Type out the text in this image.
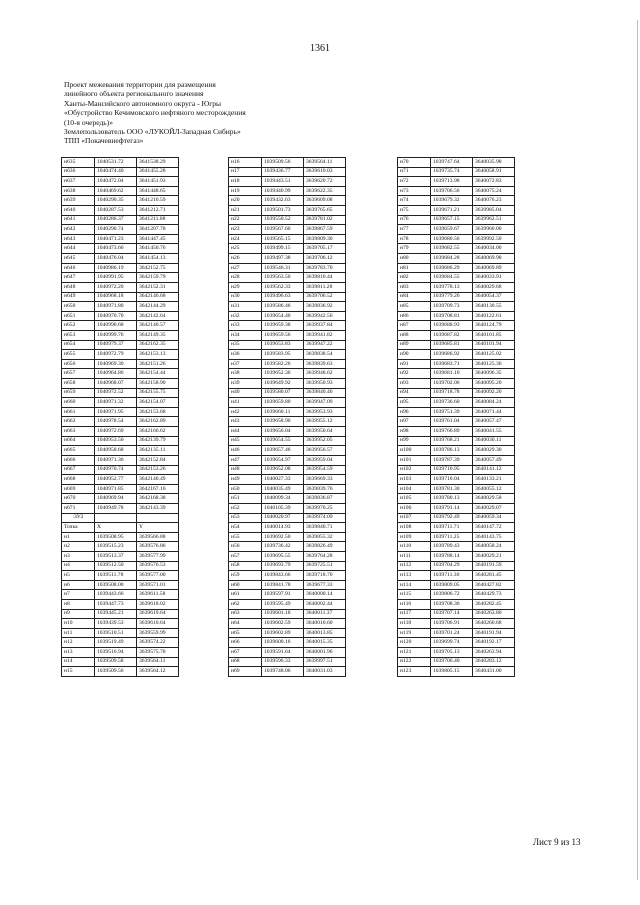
1361
Проект межевания территории для размещения
линейного объекта регионального значения
Ханты-Мансийского автономного округа - Югры
«Обустройство Кечимовского нефтяного месторождения
(10-я очередь)»
Землепользователь ООО «ЛУКОЙЛ-Западная Сибирь»
ТПП «Покачевнефтегаз»
н635	1040531.72	3641538.29
н636	1040474.40	3641455.28
н637	1040472.04	3641451.93
н638	1040469.62	3641448.65
н639	1040290.35	3641210.59
н640	1040287.53	3641212.71
н641	1040286.37	3641211.08
н642	1040290.74	3641207.78
н643	1040471.23	3641447.45
н644	1040473.66	3641450.76
н645	1040476.04	3641454.13
н646	1040986.19	3642152.75
н647	1040991.95	3642159.79
н648	1040972.20	3642152.31
н649	1040968.18	3642146.68
н650	1040971.80	3642144.29
н651	1040970.70	3642142.64
н652	1040990.68	3642140.57
н653	1040999.76	3642149.35
н654	1040979.37	3642162.35
н655	1040972.79	3642153.13
н656	1040969.30	3642151.26
н657	1040964.86	3642154.44
н658	1040968.07	3642158.90
н659	1040972.52	3642155.75
н660	1040971.32	3642154.07
н661	1040971.95	3642153.68
н662	1040978.54	3642162.89
н663	1040972.69	3642166.62
н664	1040953.50	3642139.79
н665	1040958.68	3642135.11
н666	1040971.36	3642152.84
н667	1040970.74	3642153.26
н668	1040952.77	3642140.49
н669	1040971.85	3642167.16
н670	1040969.94	3642168.38
н671	1040949.78	3642143.39
:ЗУ2		
Точка	X	Y
н1	1039508.95	3639566.88
н2	1039515.23	3639576.86
н3	1039513.37	3639577.99
н4	1039512.50	3639576.53
н5	1039511.78	3639577.00
н6	1039508.00	3639571.01
н7	1039443.66	3639611.58
н8	1039447.73	3639618.02
н9	1039445.21	3639619.64
н10	1039439.53	3639610.64
н11	1039510.51	3639559.99
н12	1039519.49	3639574.22
н13	1039516.94	3639575.78
н14	1039509.58	3639564.11
н15	1039509.56	3639564.12
н16	1039509.56	3639564.11
н17	1039436.77	3639610.03
н18	1039443.51	3639620.72
н19	1039440.99	3639622.35
н20	1039432.63	3639609.08
н21	1039501.73	3639765.65
н22	1039550.52	3639781.02
н23	1039567.60	3639867.59
н24	1039565.15	3639809.30
н25	1039499.15	3639705.17
н26	1039497.38	3639706.12
н27	1039546.31	3639783.70
н28	1039563.50	3639810.44
н29	1039562.33	3639811.28
н30	1039496.63	3639706.52
н31	1039586.46	3639836.92
н32	1039654.40	3639942.56
н33	1039659.38	3639937.84
н34	1039659.56	3639941.82
н35	1039653.83	3639947.22
н36	1039583.95	3639838.54
н37	1039582.26	3639839.63
н38	1039652.36	3639948.62
н39	1039649.92	3639950.93
н40	1039580.07	3639840.46
н41	1039659.80	3639947.09
н42	1039660.11	3639953.93
н43	1039658.90	3639955.12
н44	1039656.04	3639950.64
н45	1039654.55	3639952.05
н46	1039657.46	3639956.57
н47	1039654.97	3639959.04
н48	1039652.08	3639954.59
н49	1040027.33	3639669.33
н50	1040035.49	3639839.76
н51	1040099.34	3639836.87
н52	1040105.39	3639970.25
н53	1040020.97	3639974.09
н54	1040014.93	3639840.71
н55	1039692.50	3639855.32
н56	1039736.42	3639826.49
н57	1039695.55	3639764.28
н58	1039693.79	3639725.51
н59	1039843.66	3639718.70
н60	1039841.78	3639677.33
н61	1039597.91	3640000.14
н62	1039595.49	3640002.44
н63	1039601.18	3640011.37
н64	1039602.59	3640010.60
н65	1039602.89	3640013.85
н66	1039600.16	3640015.35
н67	1039591.64	3640001.96
н68	1039596.33	3639997.51
н69	1039748.06	3640031.03
н70	1039747.64	3640035.98
н71	1039735.74	3640058.91
н72	1039713.98	3640072.83
н73	1039706.56	3640075.24
н74	1039679.32	3640076.23
н75	1039671.21	3639985.04
н76	1039657.15	3639962.51
н77	1039659.67	3639960.00
н78	1039680.56	3639992.50
н79	1039682.55	3640034.00
н80	1039684.28	3640069.98
н81	1039686.29	3640069.89
н82	1039684.55	3640033.91
н83	1039778.13	3640029.68
н84	1039779.26	3640054.37
н85	1039709.73	3640130.55
н86	1039708.81	3640122.61
н87	1039688.93	3640124.79
н88	1039687.82	3640101.85
н89	1039685.81	3640101.94
н90	1039686.92	3640125.02
н91	1039683.71	3640125.36
н92	1039681.10	3640096.35
н93	1039702.06	3640095.20
н94	1039718.78	3640092.20
н95	1039736.60	3640084.24
н96	1039751.39	3640071.44
н97	1039761.04	3640057.47
н98	1039766.89	3640041.55
н99	1039768.21	3640030.11
н100	1039786.13	3640029.30
н101	1039787.39	3640057.49
н102	1039710.95	3640141.12
н103	1039710.04	3640133.21
н104	1039781.30	3640055.12
н105	1039780.13	3640029.58
н106	1039791.14	3640029.07
н107	1039792.49	3640059.34
н108	1039711.71	3640147.72
н109	1039711.25	3640143.75
н110	1039789.43	3640058.24
н111	1039788.14	3640029.21
н112	1039704.29	3640191.59
н113	1039711.30	3640281.45
н114	1039809.05	3640427.82
н115	1039806.72	3640429.73
н116	1039708.36	3640282.45
н117	1039707.14	3640263.80
н118	1039706.91	3640260.68
н119	1039701.24	3640191.94
н120	1039699.74	3640192.17
н121	1039705.13	3640263.94
н122	1039706.40	3640283.12
н123	1039805.15	3640431.00
Лист 9 из 13
